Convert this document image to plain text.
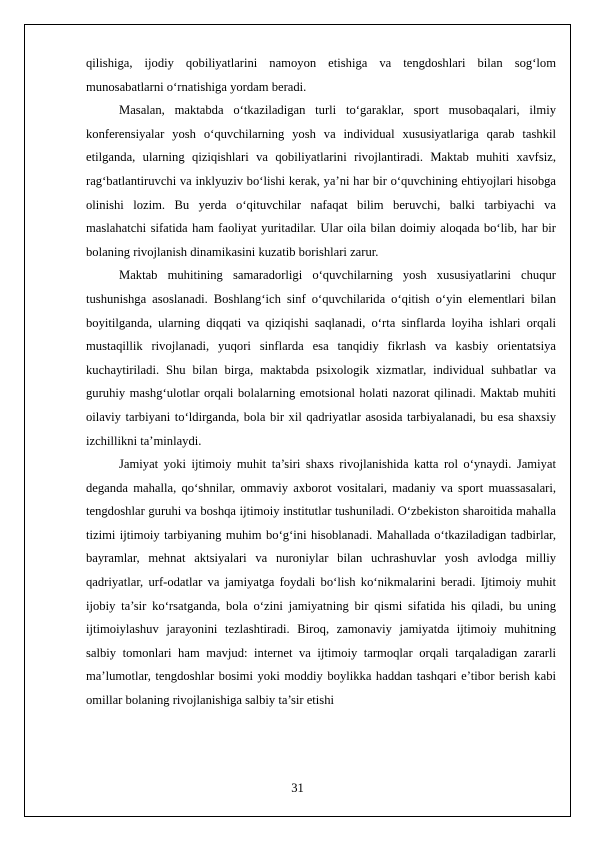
qilishiga, ijodiy qobiliyatlarini namoyon etishiga va tengdoshlari bilan sog‘lom munosabatlarni o‘rnatishiga yordam beradi.

Masalan, maktabda o‘tkaziladigan turli to‘garaklar, sport musobaqalari, ilmiy konferensiyalar yosh o‘quvchilarning yosh va individual xususiyatlariga qarab tashkil etilganda, ularning qiziqishlari va qobiliyatlarini rivojlantiradi. Maktab muhiti xavfsiz, rag‘batlantiruvchi va inklyuziv bo‘lishi kerak, ya’ni har bir o‘quvchining ehtiyojlari hisobga olinishi lozim. Bu yerda o‘qituvchilar nafaqat bilim beruvchi, balki tarbiyachi va maslahatchi sifatida ham faoliyat yuritadilar. Ular oila bilan doimiy aloqada bo‘lib, har bir bolaning rivojlanish dinamikasini kuzatib borishlari zarur.

Maktab muhitining samaradorligi o‘quvchilarning yosh xususiyatlarini chuqur tushunishga asoslanadi. Boshlang‘ich sinf o‘quvchilarida o‘qitish o‘yin elementlari bilan boyitilganda, ularning diqqati va qiziqishi saqlanadi, o‘rta sinflarda loyiha ishlari orqali mustaqillik rivojlanadi, yuqori sinflarda esa tanqidiy fikrlash va kasbiy orientatsiya kuchaytiriladi. Shu bilan birga, maktabda psixologik xizmatlar, individual suhbatlar va guruhiy mashg‘ulotlar orqali bolalarning emotsional holati nazorat qilinadi. Maktab muhiti oilaviy tarbiyani to‘ldirganda, bola bir xil qadriyatlar asosida tarbiyalanadi, bu esa shaxsiy izchillikni ta’minlaydi.

Jamiyat yoki ijtimoiy muhit ta’siri shaxs rivojlanishida katta rol o‘ynaydi. Jamiyat deganda mahalla, qo‘shnilar, ommaviy axborot vositalari, madaniy va sport muassasalari, tengdoshlar guruhi va boshqa ijtimoiy institutlar tushuniladi. O‘zbekiston sharoitida mahalla tizimi ijtimoiy tarbiyaning muhim bo‘g‘ini hisoblanadi. Mahallada o‘tkaziladigan tadbirlar, bayramlar, mehnat aktsiyalari va nuroniylar bilan uchrashuvlar yosh avlodga milliy qadriyatlar, urf-odatlar va jamiyatga foydali bo‘lish ko‘nikmalarini beradi. Ijtimoiy muhit ijobiy ta’sir ko‘rsatganda, bola o‘zini jamiyatning bir qismi sifatida his qiladi, bu uning ijtimoiylashuv jarayonini tezlashtiradi. Biroq, zamonaviy jamiyatda ijtimoiy muhitning salbiy tomonlari ham mavjud: internet va ijtimoiy tarmoqlar orqali tarqaladigan zararli ma’lumotlar, tengdoshlar bosimi yoki moddiy boylikka haddan tashqari e’tibor berish kabi omillar bolaning rivojlanishiga salbiy ta’sir etishi

31
